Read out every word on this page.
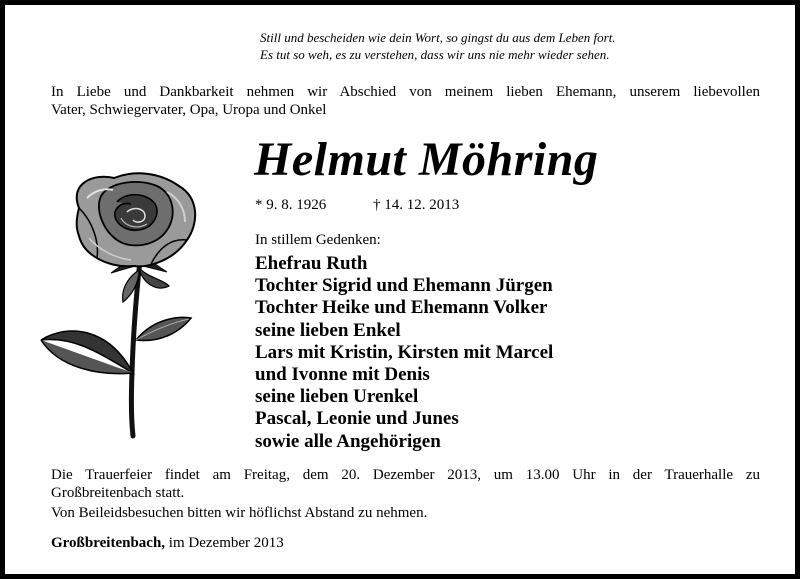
Still und bescheiden wie dein Wort, so gingst du aus dem Leben fort.
Es tut so weh, es zu verstehen, dass wir uns nie mehr wieder sehen.
In Liebe und Dankbarkeit nehmen wir Abschied von meinem lieben Ehemann, unserem liebevollen
Vater, Schwiegervater, Opa, Uropa und Onkel
Helmut Möhring
* 9. 8. 1926	† 14. 12. 2013
In stillem Gedenken:
Ehefrau Ruth
Tochter Sigrid und Ehemann Jürgen
Tochter Heike und Ehemann Volker
seine lieben Enkel
Lars mit Kristin, Kirsten mit Marcel
und Ivonne mit Denis
seine lieben Urenkel
Pascal, Leonie und Junes
sowie alle Angehörigen
Die Trauerfeier findet am Freitag, dem 20. Dezember 2013, um 13.00 Uhr in der Trauerhalle zu
Großbreitenbach statt.
Von Beileidsbesuchen bitten wir höflichst Abstand zu nehmen.
Großbreitenbach, im Dezember 2013
